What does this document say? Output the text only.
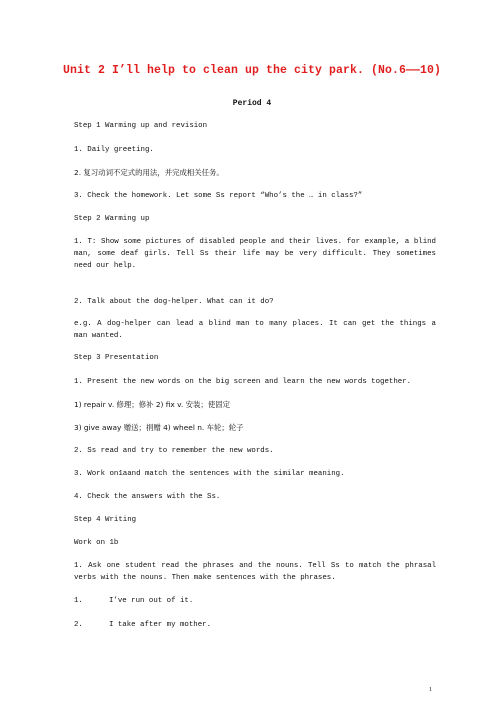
Unit 2 I’ll help to clean up the city park. (No.6——10)
Period 4
Step 1 Warming up and revision
1. Daily greeting.
2. 复习动词不定式的用法，并完成相关任务。
3. Check the homework. Let some Ss report “Who’s the … in class?”
Step 2 Warming up
1. T: Show some pictures of disabled people and their lives. for example, a blind man, some deaf girls. Tell Ss their life may be very difficult. They sometimes need our help.
2. Talk about the dog-helper. What can it do?
e.g. A dog-helper can lead a blind man to many places. It can get the things a man wanted.
Step 3 Presentation
1. Present the new words on the big screen and learn the new words together.
1) repair v. 修理；修补 2) fix v. 安装；使固定
3) give away 赠送；捐赠 4) wheel n. 车轮；轮子
2. Ss read and try to remember the new words.
3. Work on1aand match the sentences with the similar meaning.
4. Check the answers with the Ss.
Step 4 Writing
Work on 1b
1. Ask one student read the phrases and the nouns. Tell Ss to match the phrasal verbs with the nouns. Then make sentences with the phrases.
1.	I’ve run out of it.
2.	I take after my mother.
1
